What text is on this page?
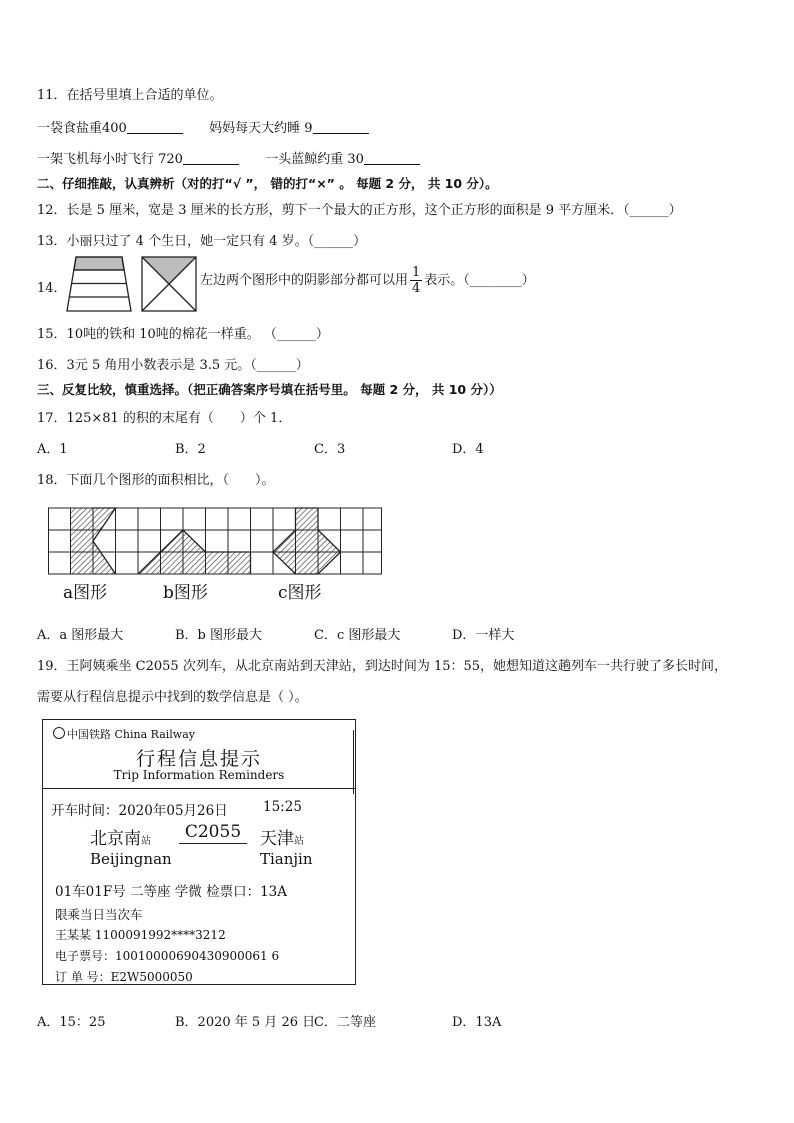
11．在括号里填上合适的单位。
一袋食盐重400	妈妈每天大约睡 9
一架飞机每小时飞行 720	一头蓝鲸约重 30
二、仔细推敲，认真辨析（对的打“√ ”， 错的打“×” 。 每题 2 分， 共 10 分）。
12．长是 5 厘米，宽是 3 厘米的长方形，剪下一个最大的正方形，这个正方形的面积是 9 平方厘米．（______）
13．小丽只过了 4 个生日，她一定只有 4 岁。（______）
14．
左边两个图形中的阴影部分都可以用 $\frac{1}{4}$ 表示。（________）
15．10吨的铁和 10吨的棉花一样重。 （______）
16．3元 5 角用小数表示是 3.5 元。（______）
三、反复比较，慎重选择。（把正确答案序号填在括号里。 每题 2 分， 共 10 分））
17．125×81 的积的末尾有（　　）个 1．
A．1	B．2	C．3	D．4
18．下面几个图形的面积相比，（　　）。
a图形	b图形	c图形
A．a 图形最大	B．b 图形最大	C．c 图形最大	D．一样大
19．王阿姨乘坐 C2055 次列车，从北京南站到天津站，到达时间为 15：55，她想知道这趟列车一共行驶了多长时间，
需要从行程信息提示中找到的数学信息是（ ）。
中国铁路 China Railway
行程信息提示
Trip Information Reminders
开车时间：2020年05月26日	15:25
北京南站	C2055	天津站
Beijingnan	Tianjin
01车01F号 二等座 学微 检票口：13A
限乘当日当次车
王某某 1100091992****3212
电子票号：10010000690430900061 6
订 单 号：E2W5000050
A．15：25	B．2020 年 5 月 26 日
C．二等座	D．13A
